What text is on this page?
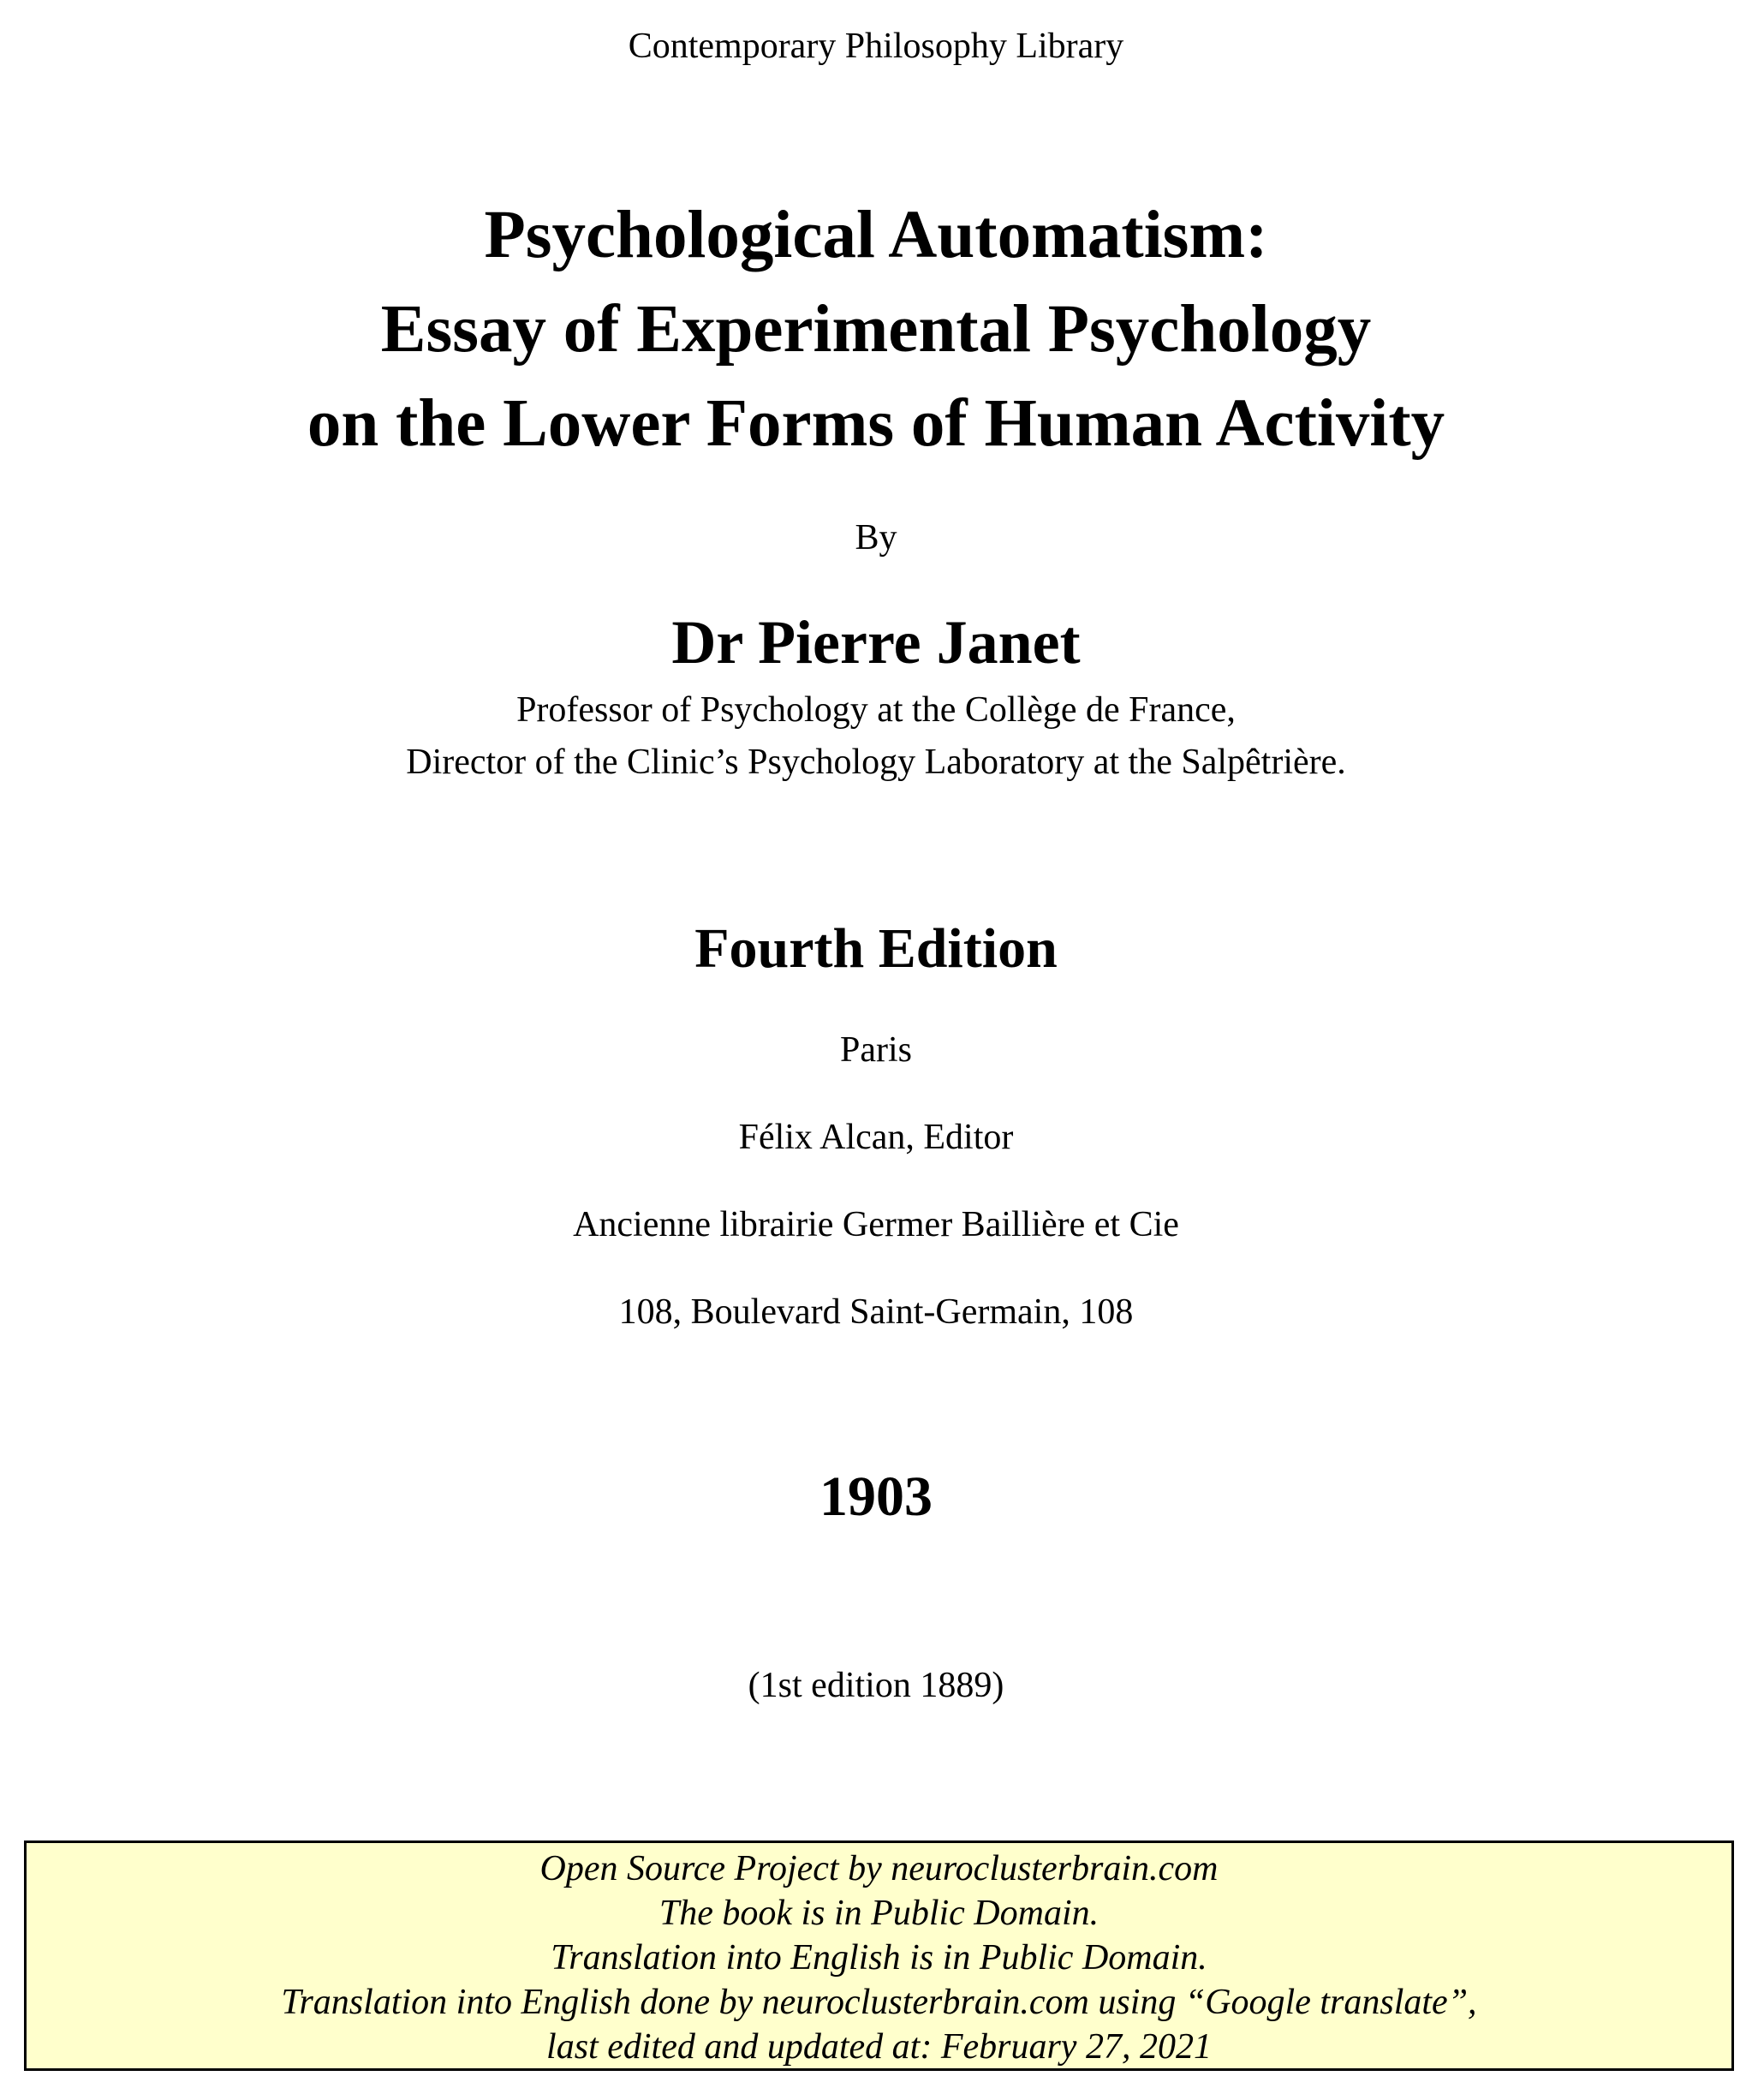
Contemporary Philosophy Library
Psychological Automatism:
Essay of Experimental Psychology
on the Lower Forms of Human Activity
By
Dr Pierre Janet
Professor of Psychology at the Collège de France,
Director of the Clinic’s Psychology Laboratory at the Salpêtrière.
Fourth Edition
Paris
Félix Alcan, Editor
Ancienne librairie Germer Baillière et Cie
108, Boulevard Saint-Germain, 108
1903
(1st edition 1889)
Open Source Project by neuroclusterbrain.com
The book is in Public Domain.
Translation into English is in Public Domain.
Translation into English done by neuroclusterbrain.com using “Google translate”,
last edited and updated at: February 27, 2021
